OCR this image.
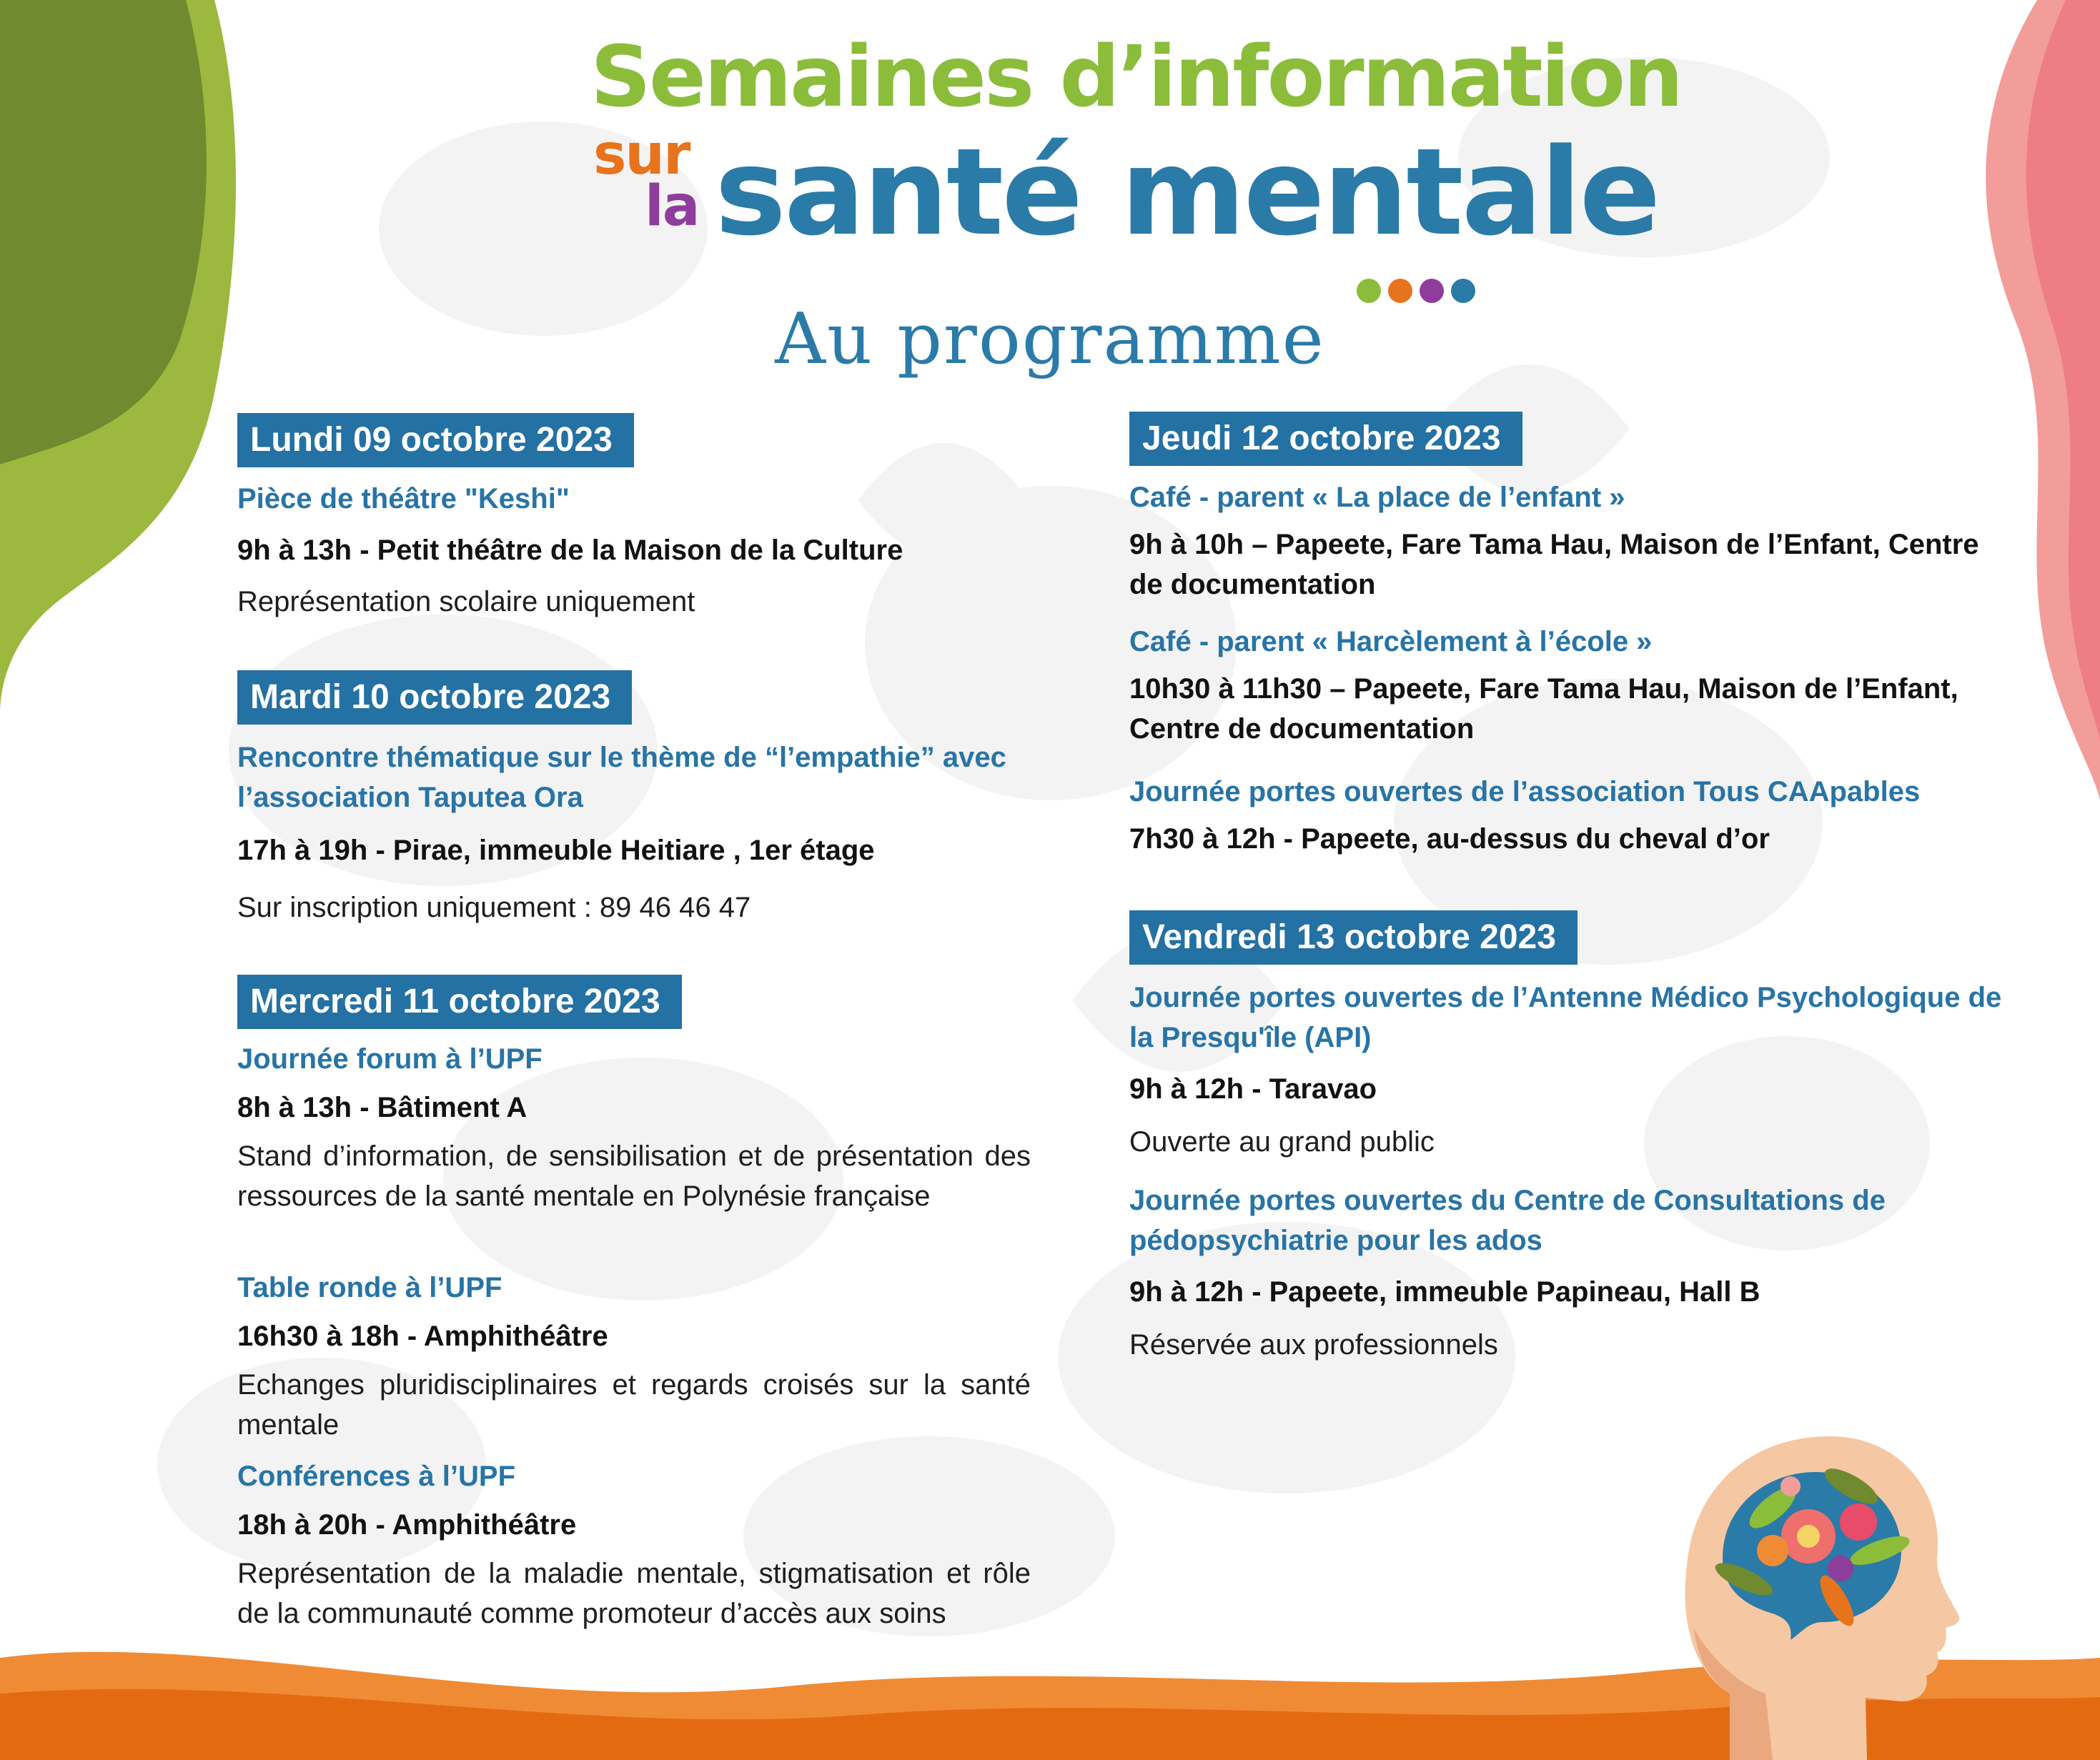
Semaines d’information
sur
la santé mentale
Au programme
Lundi 09 octobre 2023
Pièce de théâtre "Keshi"
9h à 13h - Petit théâtre de la Maison de la Culture
Représentation scolaire uniquement
Mardi 10 octobre 2023
Rencontre thématique sur le thème de “l’empathie” avec l’association Taputea Ora
17h à 19h - Pirae, immeuble Heitiare , 1er étage
Sur inscription uniquement : 89 46 46 47
Mercredi 11 octobre 2023
Journée forum à l’UPF
8h à 13h - Bâtiment A
Stand d’information, de sensibilisation et de présentation des ressources de la santé mentale en Polynésie française
Table ronde à l’UPF
16h30 à 18h - Amphithéâtre
Echanges pluridisciplinaires et regards croisés sur la santé mentale
Conférences à l’UPF
18h à 20h - Amphithéâtre
Représentation de la maladie mentale, stigmatisation et rôle de la communauté comme promoteur d’accès aux soins
Jeudi 12 octobre 2023
Café - parent « La place de l’enfant »
9h à 10h – Papeete, Fare Tama Hau, Maison de l’Enfant, Centre de documentation
Café - parent « Harcèlement à l’école »
10h30 à 11h30 – Papeete, Fare Tama Hau, Maison de l’Enfant, Centre de documentation
Journée portes ouvertes de l’association Tous CAApables
7h30 à 12h - Papeete, au-dessus du cheval d’or
Vendredi 13 octobre 2023
Journée portes ouvertes de l’Antenne Médico Psychologique de la Presqu'île (API)
9h à 12h - Taravao
Ouverte au grand public
Journée portes ouvertes du Centre de Consultations de pédopsychiatrie pour les ados
9h à 12h - Papeete, immeuble Papineau, Hall B
Réservée aux professionnels
